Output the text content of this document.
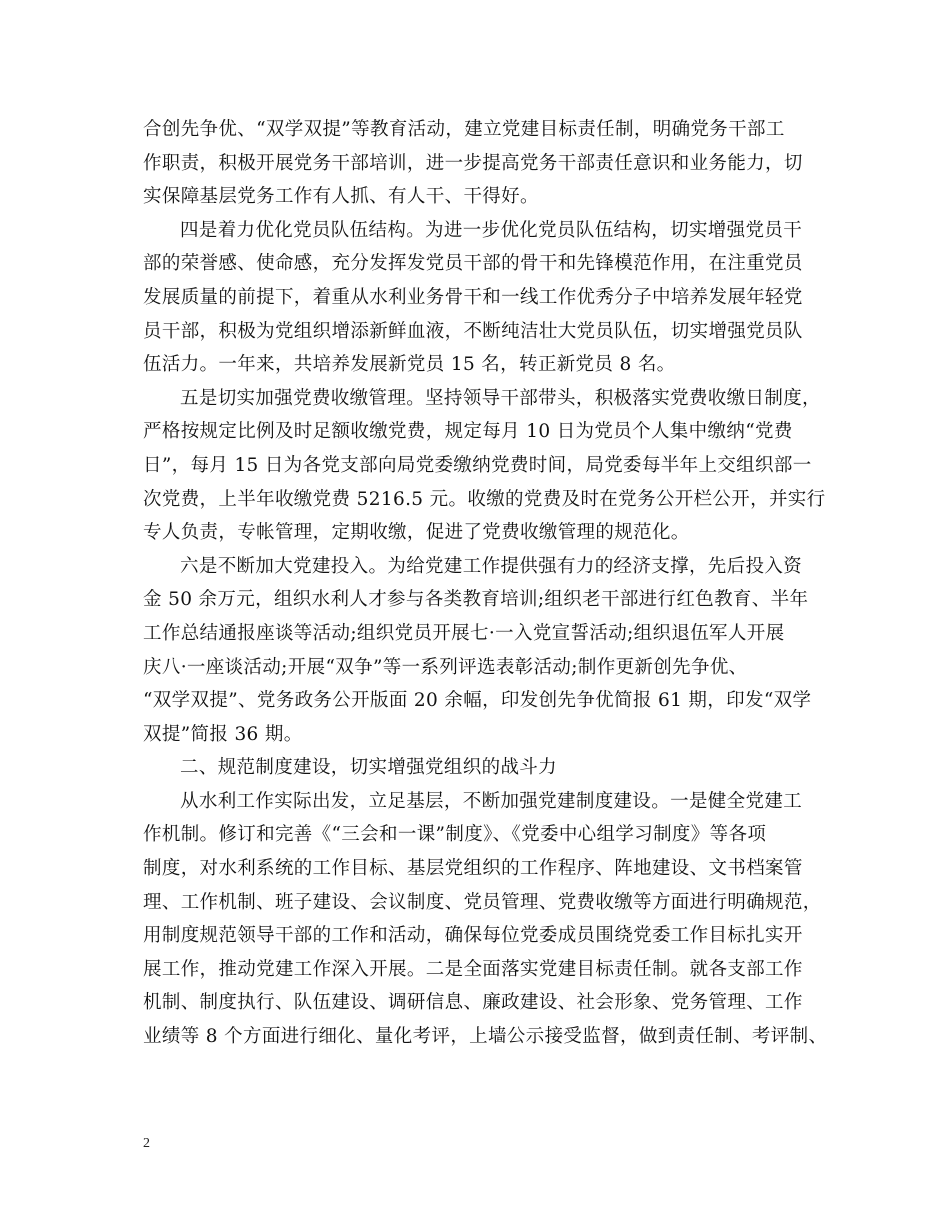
合创先争优、“双学双提”等教育活动，建立党建目标责任制，明确党务干部工
作职责，积极开展党务干部培训，进一步提高党务干部责任意识和业务能力，切
实保障基层党务工作有人抓、有人干、干得好。
四是着力优化党员队伍结构。为进一步优化党员队伍结构，切实增强党员干
部的荣誉感、使命感，充分发挥发党员干部的骨干和先锋模范作用，在注重党员
发展质量的前提下，着重从水利业务骨干和一线工作优秀分子中培养发展年轻党
员干部，积极为党组织增添新鲜血液，不断纯洁壮大党员队伍，切实增强党员队
伍活力。一年来，共培养发展新党员 15 名，转正新党员 8 名。
五是切实加强党费收缴管理。坚持领导干部带头，积极落实党费收缴日制度，
严格按规定比例及时足额收缴党费，规定每月 10 日为党员个人集中缴纳“党费
日”，每月 15 日为各党支部向局党委缴纳党费时间，局党委每半年上交组织部一
次党费，上半年收缴党费 5216.5 元。收缴的党费及时在党务公开栏公开，并实行
专人负责，专帐管理，定期收缴，促进了党费收缴管理的规范化。
六是不断加大党建投入。为给党建工作提供强有力的经济支撑，先后投入资
金 50 余万元，组织水利人才参与各类教育培训;组织老干部进行红色教育、半年
工作总结通报座谈等活动;组织党员开展七·一入党宣誓活动;组织退伍军人开展
庆八·一座谈活动;开展“双争”等一系列评选表彰活动;制作更新创先争优、
“双学双提”、党务政务公开版面 20 余幅，印发创先争优简报 61 期，印发“双学
双提”简报 36 期。
二、规范制度建设，切实增强党组织的战斗力
从水利工作实际出发，立足基层，不断加强党建制度建设。一是健全党建工
作机制。修订和完善《“三会和一课”制度》、《党委中心组学习制度》等各项
制度，对水利系统的工作目标、基层党组织的工作程序、阵地建设、文书档案管
理、工作机制、班子建设、会议制度、党员管理、党费收缴等方面进行明确规范，
用制度规范领导干部的工作和活动，确保每位党委成员围绕党委工作目标扎实开
展工作，推动党建工作深入开展。二是全面落实党建目标责任制。就各支部工作
机制、制度执行、队伍建设、调研信息、廉政建设、社会形象、党务管理、工作
业绩等 8 个方面进行细化、量化考评，上墙公示接受监督，做到责任制、考评制、
2
